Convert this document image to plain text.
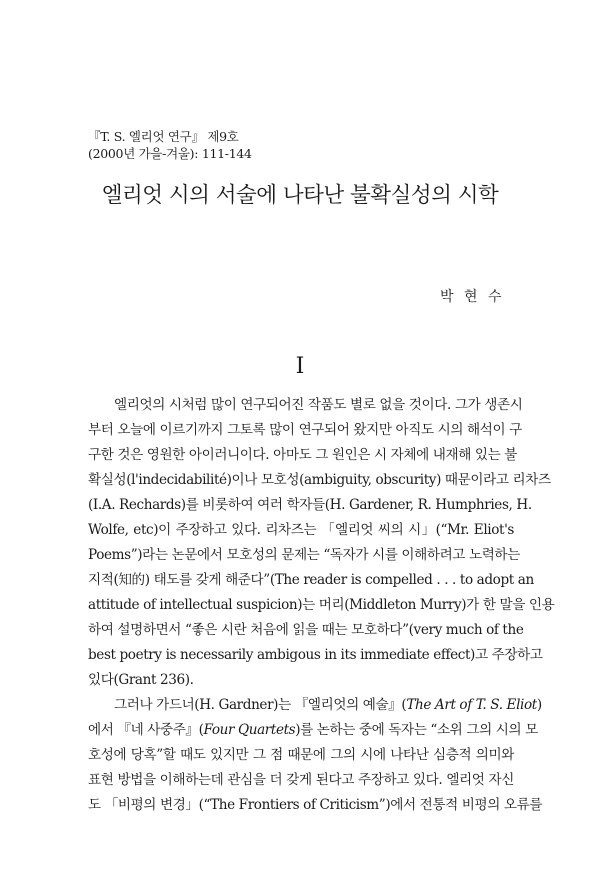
『T. S. 엘리엇 연구』 제9호
(2000년 가을-겨울): 111-144
엘리엇 시의 서술에 나타난 불확실성의 시학
박 현 수
I
엘리엇의 시처럼 많이 연구되어진 작품도 별로 없을 것이다. 그가 생존시
부터 오늘에 이르기까지 그토록 많이 연구되어 왔지만 아직도 시의 해석이 구
구한 것은 영원한 아이러니이다. 아마도 그 원인은 시 자체에 내재해 있는 불
확실성(l'indecidabilité)이나 모호성(ambiguity, obscurity) 때문이라고 리차즈
(I.A. Rechards)를 비롯하여 여러 학자들(H. Gardener, R. Humphries, H.
Wolfe, etc)이 주장하고 있다. 리차즈는 「엘리엇 씨의 시」(“Mr. Eliot's
Poems”)라는 논문에서 모호성의 문제는 “독자가 시를 이해하려고 노력하는
지적(知的) 태도를 갖게 해준다”(The reader is compelled . . . to adopt an
attitude of intellectual suspicion)는 머리(Middleton Murry)가 한 말을 인용
하여 설명하면서 “좋은 시란 처음에 읽을 때는 모호하다”(very much of the
best poetry is necessarily ambigous in its immediate effect)고 주장하고
있다(Grant 236).
그러나 가드너(H. Gardner)는 『엘리엇의 예술』(The Art of T. S. Eliot)
에서 『네 사중주』(Four Quartets)를 논하는 중에 독자는 “소위 그의 시의 모
호성에 당혹”할 때도 있지만 그 점 때문에 그의 시에 나타난 심층적 의미와
표현 방법을 이해하는데 관심을 더 갖게 된다고 주장하고 있다. 엘리엇 자신
도 「비평의 변경」(“The Frontiers of Criticism”)에서 전통적 비평의 오류를
